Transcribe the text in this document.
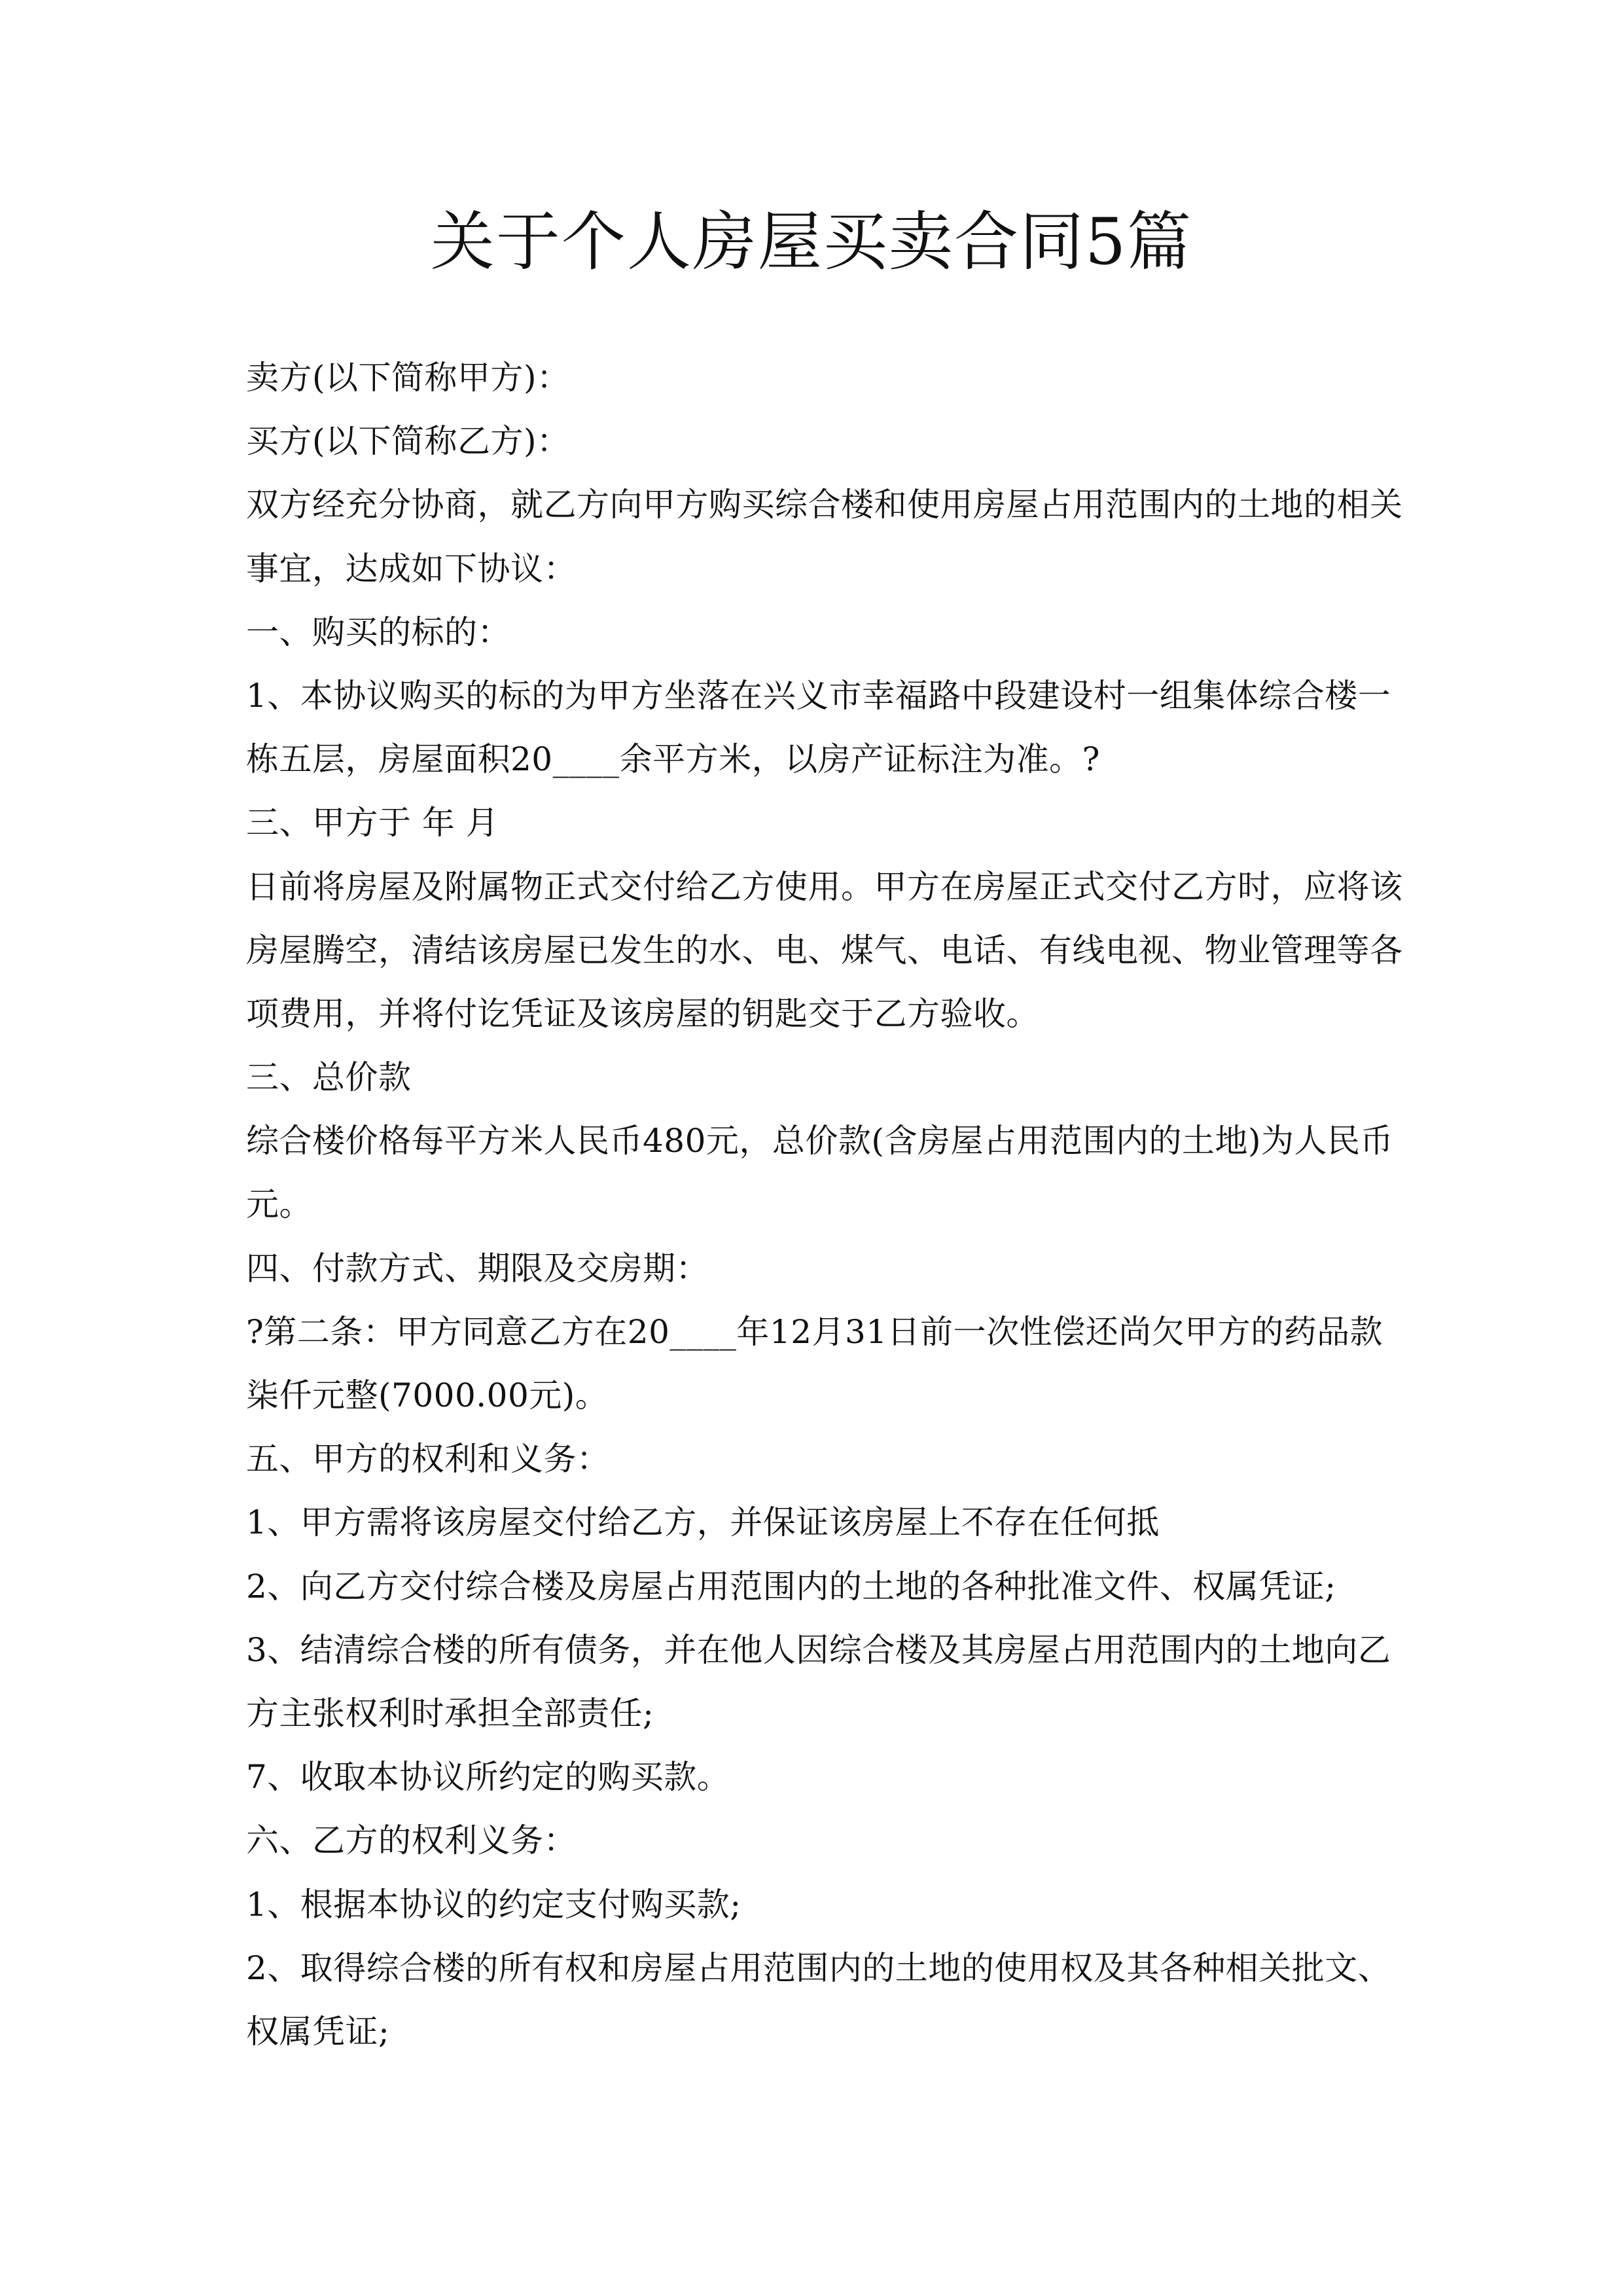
关于个人房屋买卖合同5篇
卖方(以下简称甲方)：
买方(以下简称乙方)：
双方经充分协商，就乙方向甲方购买综合楼和使用房屋占用范围内的土地的相关
事宜，达成如下协议：
一、购买的标的：
1、本协议购买的标的为甲方坐落在兴义市幸福路中段建设村一组集体综合楼一
栋五层，房屋面积20____余平方米，以房产证标注为准。?
三、甲方于 年 月
日前将房屋及附属物正式交付给乙方使用。甲方在房屋正式交付乙方时，应将该
房屋腾空，清结该房屋已发生的水、电、煤气、电话、有线电视、物业管理等各
项费用，并将付讫凭证及该房屋的钥匙交于乙方验收。
三、总价款
综合楼价格每平方米人民币480元，总价款(含房屋占用范围内的土地)为人民币
元。
四、付款方式、期限及交房期：
?第二条：甲方同意乙方在20____年12月31日前一次性偿还尚欠甲方的药品款
柒仟元整(7000.00元)。
五、甲方的权利和义务：
1、甲方需将该房屋交付给乙方，并保证该房屋上不存在任何抵
2、向乙方交付综合楼及房屋占用范围内的土地的各种批准文件、权属凭证;
3、结清综合楼的所有债务，并在他人因综合楼及其房屋占用范围内的土地向乙
方主张权利时承担全部责任;
7、收取本协议所约定的购买款。
六、乙方的权利义务：
1、根据本协议的约定支付购买款;
2、取得综合楼的所有权和房屋占用范围内的土地的使用权及其各种相关批文、
权属凭证;
